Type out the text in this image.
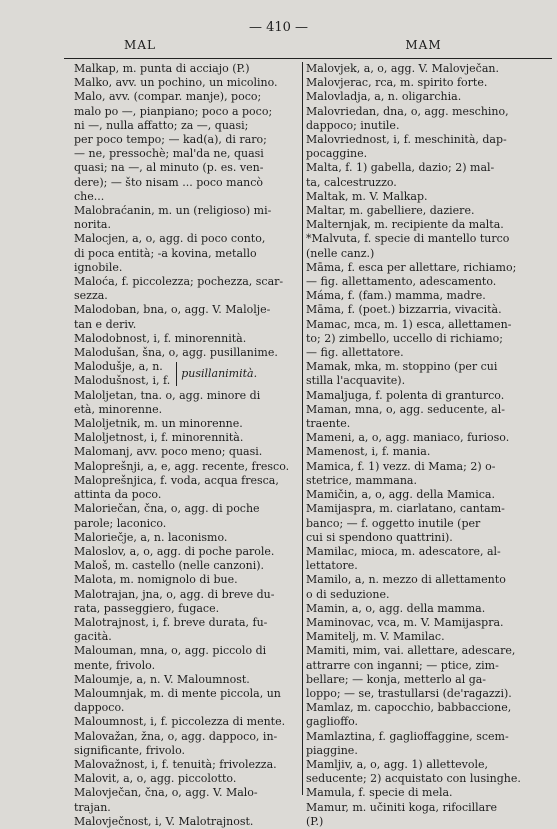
— 410 —
MAL	MAM
Malkap, m. punta di acciajo (P.)
Malko, avv. un pochino, un micolino.
Malo, avv. (compar. manje), poco;
malo po —, pianpiano; poco a poco;
ni —, nulla affatto; za —, quasi;
per poco tempo; — kad(a), di raro;
— ne, pressochè; mal'da ne, quasi
quasi; na —, al minuto (p. es. ven-
dere); — što nisam ... poco mancò
che...
Malobraćanin, m. un (religioso) mi-
norita.
Malocjen, a, o, agg. di poco conto,
di poca entità; -a kovina, metallo
ignobile.
Maloća, f. piccolezza; pochezza, scar-
sezza.
Malodoban, bna, o, agg. V. Malolje-
tan e deriv.
Malodobnost, i, f. minorennità.
Malodušan, šna, o, agg. pusillanime.
Malodušje, a, n.
Malodušnost, i, f.
pusillanimità.
Maloljetan, tna. o, agg. minore di
età, minorenne.
Maloljetnik, m. un minorenne.
Maloljetnost, i, f. minorennità.
Malomanj, avv. poco meno; quasi.
Maloprešnji, a, e, agg. recente, fresco.
Maloprešnjica, f. voda, acqua fresca,
attinta da poco.
Maloriečan, čna, o, agg. di poche
parole; laconico.
Maloriečje, a, n. laconismo.
Maloslov, a, o, agg. di poche parole.
Maloš, m. castello (nelle canzoni).
Malota, m. nomignolo di bue.
Malotrajan, jna, o, agg. di breve du-
rata, passeggiero, fugace.
Malotrajnost, i, f. breve durata, fu-
gacità.
Malouman, mna, o, agg. piccolo di
mente, frivolo.
Maloumje, a, n. V. Maloumnost.
Maloumnjak, m. di mente piccola, un
dappoco.
Maloumnost, i, f. piccolezza di mente.
Malovažan, žna, o, agg. dappoco, in-
significante, frivolo.
Malovažnost, i, f. tenuità; frivolezza.
Malovit, a, o, agg. piccolotto.
Malovječan, čna, o, agg. V. Malo-
trajan.
Malovječnost, i, V. Malotrajnost.
Malovjek, a, o, agg. V. Malovječan.
Malovjerac, rca, m. spirito forte.
Malovladja, a, n. oligarchia.
Malovriedan, dna, o, agg. meschino,
dappoco; inutile.
Malovriednost, i, f. meschinità, dap-
pocaggine.
Malta, f. 1) gabella, dazio; 2) mal-
ta, calcestruzzo.
Maltak, m. V. Malkap.
Maltar, m. gabelliere, daziere.
Malternjak, m. recipiente da malta.
*Malvuta, f. specie di mantello turco
(nelle canz.)
Māma, f. esca per allettare, richiamo;
— fig. allettamento, adescamento.
Máma, f. (fam.) mamma, madre.
Māma, f. (poet.) bizzarria, vivacità.
Mamac, mca, m. 1) esca, allettamen-
to; 2) zimbello, uccello di richiamo;
— fig. allettatore.
Mamak, mka, m. stoppino (per cui
stilla l'acquavite).
Mamaljuga, f. polenta di granturco.
Maman, mna, o, agg. seducente, al-
traente.
Mameni, a, o, agg. maniaco, furioso.
Mamenost, i, f. mania.
Mamica, f. 1) vezz. di Mama; 2) o-
stetrice, mammana.
Mamičin, a, o, agg. della Mamica.
Mamijaspra, m. ciarlatano, cantam-
banco; — f. oggetto inutile (per
cui si spendono quattrini).
Mamilac, mioca, m. adescatore, al-
lettatore.
Mamilo, a, n. mezzo di allettamento
o di seduzione.
Mamin, a, o, agg. della mamma.
Maminovac, vca, m. V. Mamijaspra.
Mamitelj, m. V. Mamilac.
Mamiti, mim, vai. allettare, adescare,
attrarre con inganni; — ptice, zim-
bellare; — konja, metterlo al ga-
loppo; — se, trastullarsi (de'ragazzi).
Mamlaz, m. capocchio, babbaccione,
gaglioffo.
Mamlaztina, f. gaglioffaggine, scem-
piaggine.
Mamljiv, a, o, agg. 1) allettevole,
seducente; 2) acquistato con lusinghe.
Mamula, f. specie di mela.
Mamur, m. učiniti koga, rifocillare
(P.)
